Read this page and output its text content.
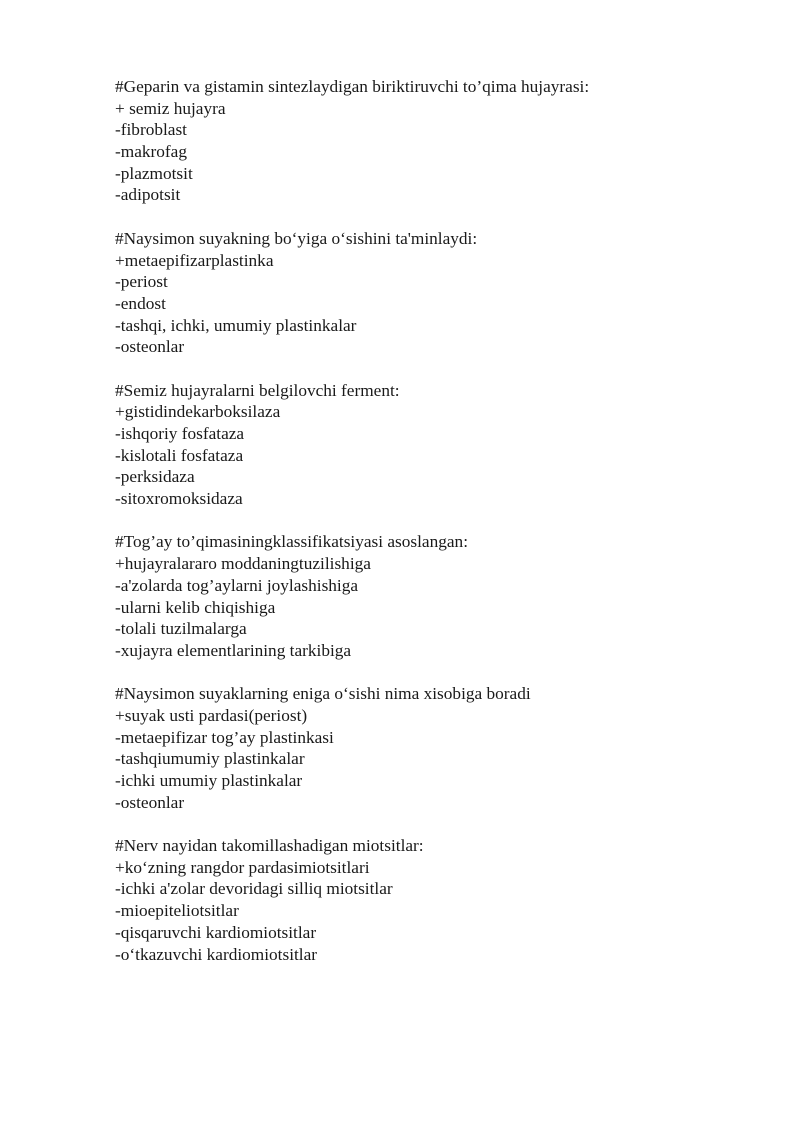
#Geparin va gistamin sintezlaydigan biriktiruvchi to’qima hujayrasi:
+ semiz hujayra
-fibroblast
-makrofag
-plazmotsit
-adipotsit
#Naysimon suyakning bo‘yiga o‘sishini ta'minlaydi:
+metaepifizarplastinka
-periost
-endost
-tashqi, ichki, umumiy plastinkalar
-osteonlar
#Semiz hujayralarni belgilovchi ferment:
+gistidindekarboksilaza
-ishqoriy fosfataza
-kislotali fosfataza
-perksidaza
-sitoxromoksidaza
#Tog’ay to’qimasiningklassifikatsiyasi asoslangan:
+hujayralararo moddaningtuzilishiga
-a'zolarda tog’aylarni joylashishiga
-ularni kelib chiqishiga
-tolali tuzilmalarga
-xujayra elementlarining tarkibiga
#Naysimon suyaklarning eniga o‘sishi nima xisobiga boradi
+suyak usti pardasi(periost)
-metaepifizar tog’ay plastinkasi
-tashqiumumiy plastinkalar
-ichki umumiy plastinkalar
-osteonlar
#Nerv nayidan takomillashadigan miotsitlar:
+ko‘zning rangdor pardasimiotsitlari
-ichki a'zolar devoridagi silliq miotsitlar
-mioepiteliotsitlar
-qisqaruvchi kardiomiotsitlar
-o‘tkazuvchi kardiomiotsitlar
